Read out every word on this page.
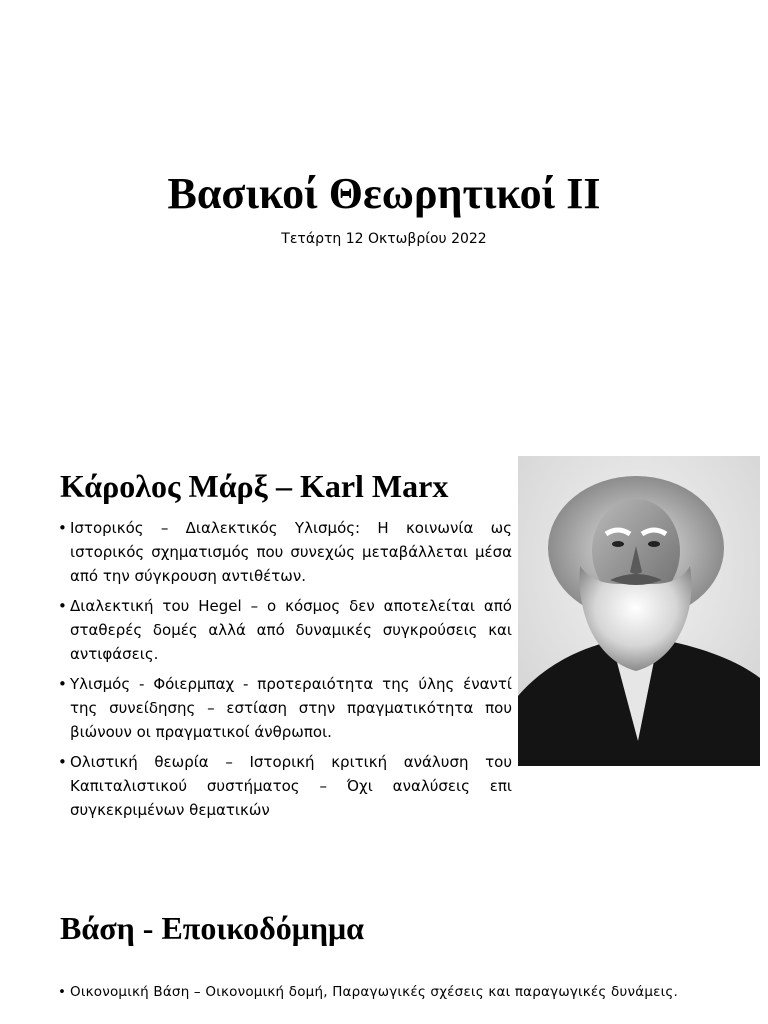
Βασικοί Θεωρητικοί ΙΙ
Τετάρτη 12 Οκτωβρίου 2022
Κάρολος Μάρξ – Karl Marx
• Ιστορικός – Διαλεκτικός Υλισμός: Η κοινωνία ως ιστορικός σχηματισμός που συνεχώς μεταβάλλεται μέσα από την σύγκρουση αντιθέτων.
• Διαλεκτική του Hegel – ο κόσμος δεν αποτελείται από σταθερές δομές αλλά από δυναμικές συγκρούσεις και αντιφάσεις.
• Υλισμός - Φόιερμπαχ - προτεραιότητα της ύλης έναντί της συνείδησης – εστίαση στην πραγματικότητα που βιώνουν οι πραγματικοί άνθρωποι.
• Ολιστική θεωρία – Ιστορική κριτική ανάλυση του Καπιταλιστικού συστήματος – Όχι αναλύσεις επι συγκεκριμένων θεματικών
Βάση - Εποικοδόμημα
• Οικονομική Βάση – Οικονομική δομή, Παραγωγικές σχέσεις και παραγωγικές δυνάμεις.
